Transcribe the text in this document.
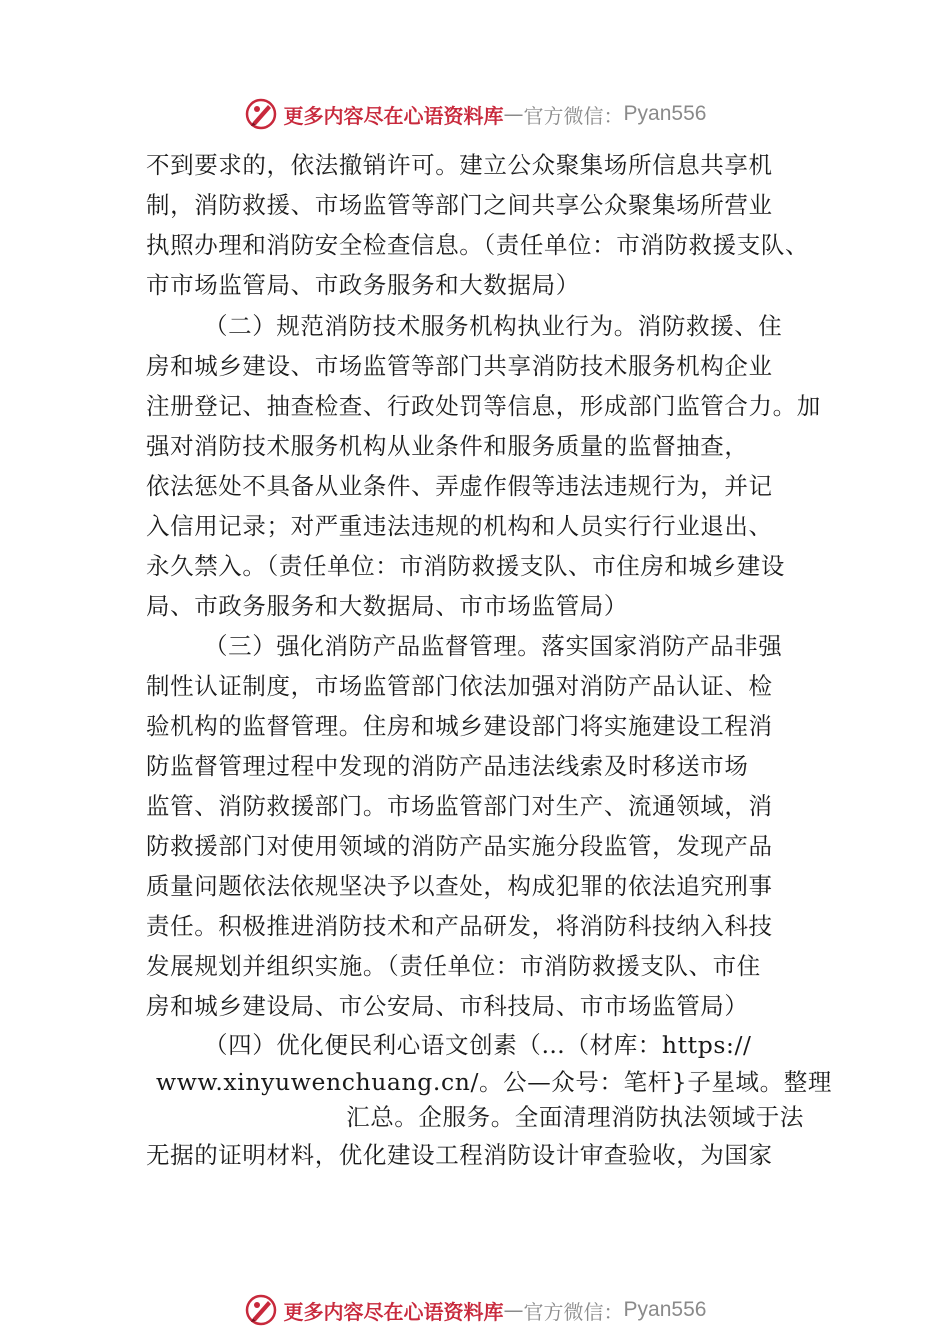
更多内容尽在心语资料库 — 官方微信： Pyan556
不到要求的，依法撤销许可。建立公众聚集场所信息共享机
制，消防救援、市场监管等部门之间共享公众聚集场所营业
执照办理和消防安全检查信息。（责任单位：市消防救援支队、
市市场监管局、市政务服务和大数据局）
（二）规范消防技术服务机构执业行为。消防救援、住
房和城乡建设、市场监管等部门共享消防技术服务机构企业
注册登记、抽查检查、行政处罚等信息，形成部门监管合力。加
强对消防技术服务机构从业条件和服务质量的监督抽查，
依法惩处不具备从业条件、弄虚作假等违法违规行为，并记
入信用记录；对严重违法违规的机构和人员实行行业退出、
永久禁入。（责任单位：市消防救援支队、市住房和城乡建设
局、市政务服务和大数据局、市市场监管局）
（三）强化消防产品监督管理。落实国家消防产品非强
制性认证制度，市场监管部门依法加强对消防产品认证、检
验机构的监督管理。住房和城乡建设部门将实施建设工程消
防监督管理过程中发现的消防产品违法线索及时移送市场
监管、消防救援部门。市场监管部门对生产、流通领域，消
防救援部门对使用领域的消防产品实施分段监管，发现产品
质量问题依法依规坚决予以查处，构成犯罪的依法追究刑事
责任。积极推进消防技术和产品研发，将消防科技纳入科技
发展规划并组织实施。（责任单位：市消防救援支队、市住
房和城乡建设局、市公安局、市科技局、市市场监管局）
（四）优化便民利心语文创素（…（材库：https://
www.xinyuwenchuang.cn/。公—众号：笔杆}子星域。整理
汇总。企服务。全面清理消防执法领域于法
无据的证明材料，优化建设工程消防设计审查验收，为国家
更多内容尽在心语资料库 — 官方微信： Pyan556
